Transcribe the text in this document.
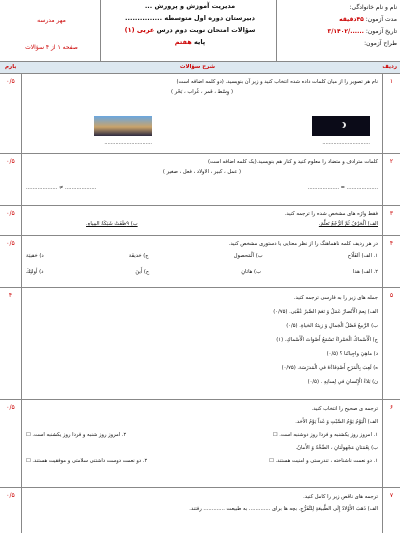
نام و نام خانوادگی:
مدت آزمون: ۴۵دقیقه
تاریخ آزمون: ....../۳/۱۴۰۲
طراح آزمون:
مدیریت آموزش و پرورش ...
دبیرستان دوره اول متوسطه ...............
سؤالات امتحان نوبت دوم درس عربی (۱)
پایه هفتم
مهر مدرسه
صفحه ۱ از ۴ سؤالات
ردیف
شرح سؤالات
بارم
۱
نام هر تصویر را از میان کلمات داده شده انتخاب کنید و زیر آن بنویسید. (دو کلمه اضافه است)
( وِسْط ، قمر ، غُراب ، بَحْر )
..............................	..............................
۰/۵
۲
کلمات مترادف و متضاد را معلوم کنید و کنار هم بنویسید.(یک کلمه اضافه است)
( عمل ، کبیر ، الاولاد ، فعل ، صغیر )
................... = ...................
................... ≠ ...................
۰/۵
۳
فقط واژه های مشخص شده را ترجمه کنید.
الف) اَلْحَرْفُ ثُمَّ اَلرُّجْعُ تَعلَّمَ.
ب) ۹ظَفَتْ شَبَكَةُ المِياهِ.
۰/۵
۴
در هر ردیف کلمه ناهماهنگ را از نظر معنایی یا دستوری مشخص کنید.
۱. الف) اَلفَلّاح
ب) اَلْمَحصول
ج) حَديقَة
د) حَقيبَة
۲. الف) هذا
ب) هاتانِ
ج) أَينَ
د) أولئِكَ
۰/۵
۵
جمله های زیر را به فارسی ترجمه کنید.
الف) نِعمَ الْأَنْصارُ عَمَلُ وَ نَعَمَ الصَّبرُ عُقْبَى. (۰/۷۵)
ب) الرَّبيعُ فَصْلُ الْجَمالِ وَ زينَةُ الحَياةِ. (۰/۵)
ج) الْأَسْماكُ الْحَمْراءُ تَسْمَعُ أَصْواتَ الْأَسْماكِ. (۱)
د) ماهِيَ واجِباتُنا ؟ (۰/۵)
ه) لَعِبَ بِالْمَرَحِ أَصْدِقاءُهُ في الْمَدرَسَة. (۰/۷۵)
ن) بَلاءُ الْإِنْسانِ في لِسانِهِ . (۰/۵)
۴
۶
ترجمه ی صحیح را انتخاب کنید.
الف) اَلْيَوْمُ يَوْمُ السَّبْتِ وَ غَداً يَوْمُ الأَحَد.
۱. امروز روز یکشنبه و فردا روز دوشنبه است. ☐
۲. امروز روز شنبه و فردا روز یکشنبه است. ☐
ب) نِعْمَتانِ مَجْهولَتانِ ، الصِّحَّةُ وَ الأَمانُ.
۱. دو نعمت ناشناخته ، تندرستی و امنیت هستند. ☐
۲. دو نعمت دوست داشتنی سلامتی و موفقیت هستند. ☐
۰/۵
۷
ترجمه های ناقص زیر را کامل کنید.
الف) ذَهَبَ الأَوْلادُ إِلَى الطَّبيعَةِ لِلتَّفَرُّجِ. بچه ها برای ............. به طبیعت ............. رفتند.
۰/۵
